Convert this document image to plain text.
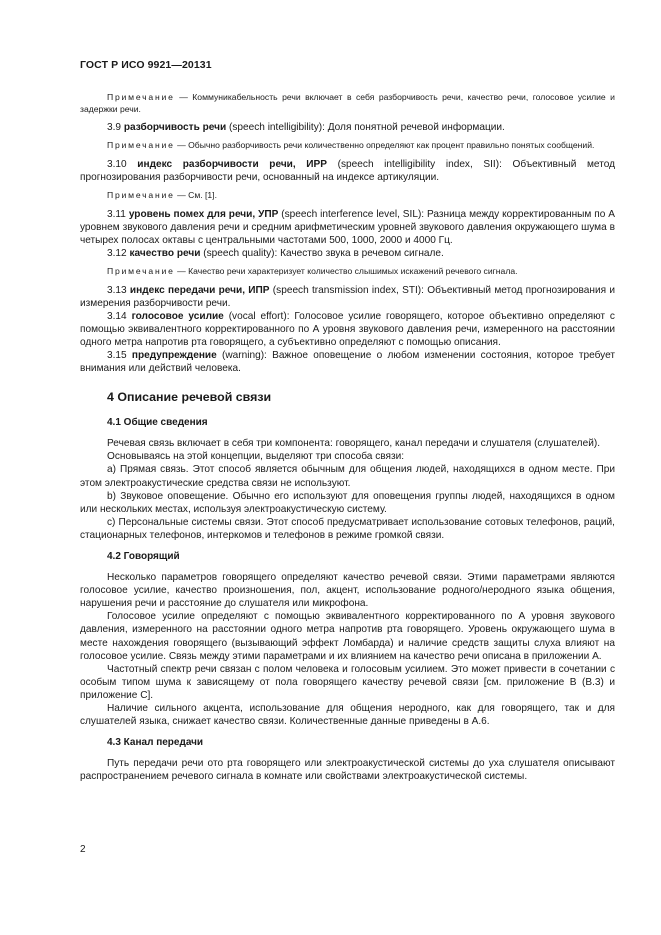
ГОСТ Р ИСО 9921—20131

Примечание — Коммуникабельность речи включает в себя разборчивость речи, качество речи, голосовое усилие и задержки речи.

3.9 разборчивость речи (speech intelligibility): Доля понятной речевой информации.

Примечание — Обычно разборчивость речи количественно определяют как процент правильно понятых сообщений.

3.10 индекс разборчивости речи, ИРР (speech intelligibility index, SII): Объективный метод прогнозирования разборчивости речи, основанный на индексе артикуляции.

Примечание — См. [1].

3.11 уровень помех для речи, УПР (speech interference level, SIL): Разница между корректированным по А уровнем звукового давления речи и средним арифметическим уровней звукового давления окружающего шума в четырех полосах октавы с центральными частотами 500, 1000, 2000 и 4000 Гц.

3.12 качество речи (speech quality): Качество звука в речевом сигнале.

Примечание — Качество речи характеризует количество слышимых искажений речевого сигнала.

3.13 индекс передачи речи, ИПР (speech transmission index, STI): Объективный метод прогнозирования и измерения разборчивости речи.

3.14 голосовое усилие (vocal effort): Голосовое усилие говорящего, которое объективно определяют с помощью эквивалентного корректированного по А уровня звукового давления речи, измеренного на расстоянии одного метра напротив рта говорящего, а субъективно определяют с помощью описания.

3.15 предупреждение (warning): Важное оповещение о любом изменении состояния, которое требует внимания или действий человека.

4 Описание речевой связи
4.1 Общие сведения

Речевая связь включает в себя три компонента: говорящего, канал передачи и слушателя (слушателей).

Основываясь на этой концепции, выделяют три способа связи:

a) Прямая связь. Этот способ является обычным для общения людей, находящихся в одном месте. При этом электроакустические средства связи не используют.

b) Звуковое оповещение. Обычно его используют для оповещения группы людей, находящихся в одном или нескольких местах, используя электроакустическую систему.

c) Персональные системы связи. Этот способ предусматривает использование сотовых телефонов, раций, стационарных телефонов, интеркомов и телефонов в режиме громкой связи.

4.2 Говорящий

Несколько параметров говорящего определяют качество речевой связи. Этими параметрами являются голосовое усилие, качество произношения, пол, акцент, использование родного/неродного языка общения, нарушения речи и расстояние до слушателя или микрофона.

Голосовое усилие определяют с помощью эквивалентного корректированного по А уровня звукового давления, измеренного на расстоянии одного метра напротив рта говорящего. Уровень окружающего шума в месте нахождения говорящего (вызывающий эффект Ломбарда) и наличие средств защиты слуха влияют на голосовое усилие. Связь между этими параметрами и их влиянием на качество речи описана в приложении А.

Частотный спектр речи связан с полом человека и голосовым усилием. Это может привести в сочетании с особым типом шума к зависящему от пола говорящего качеству речевой связи [см. приложение В (В.3) и приложение С].

Наличие сильного акцента, использование для общения неродного, как для говорящего, так и для слушателей языка, снижает качество связи. Количественные данные приведены в А.6.

4.3 Канал передачи

Путь передачи речи ото рта говорящего или электроакустической системы до уха слушателя описывают распространением речевого сигнала в комнате или свойствами электроакустической системы.

2
